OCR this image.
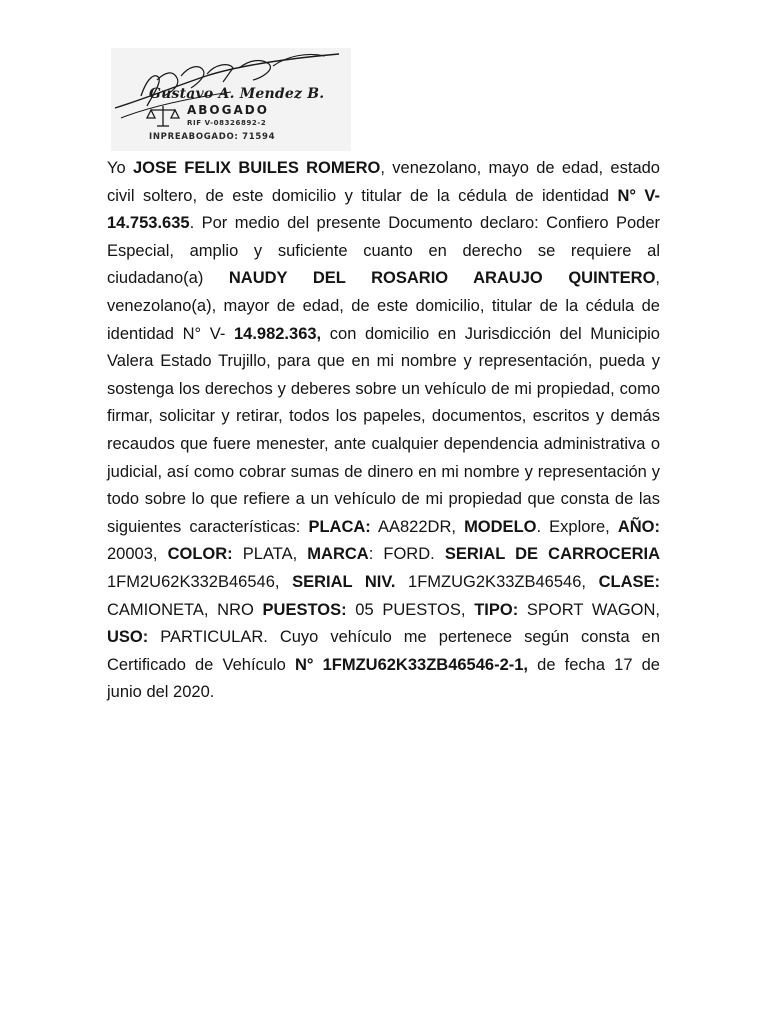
Gustavo A. Mendez B.
ABOGADO
RIF V-08326892-2
INPREABOGADO: 71594
Yo JOSE FELIX BUILES ROMERO, venezolano, mayo de edad, estado civil soltero, de este domicilio y titular de la cédula de identidad N° V- 14.753.635. Por medio del presente Documento declaro: Confiero Poder Especial, amplio y suficiente cuanto en derecho se requiere al ciudadano(a) NAUDY DEL ROSARIO ARAUJO QUINTERO, venezolano(a), mayor de edad, de este domicilio, titular de la cédula de identidad N° V- 14.982.363, con domicilio en Jurisdicción del Municipio Valera Estado Trujillo, para que en mi nombre y representación, pueda y sostenga los derechos y deberes sobre un vehículo de mi propiedad, como firmar, solicitar y retirar, todos los papeles, documentos, escritos y demás recaudos que fuere menester, ante cualquier dependencia administrativa o judicial, así como cobrar sumas de dinero en mi nombre y representación y todo sobre lo que refiere a un vehículo de mi propiedad que consta de las siguientes características: PLACA: AA822DR, MODELO. Explore, AÑO: 20003, COLOR: PLATA, MARCA: FORD. SERIAL DE CARROCERIA 1FM2U62K332B46546, SERIAL NIV. 1FMZUG2K33ZB46546, CLASE: CAMIONETA, NRO PUESTOS: 05 PUESTOS, TIPO: SPORT WAGON, USO: PARTICULAR. Cuyo vehículo me pertenece según consta en Certificado de Vehículo N° 1FMZU62K33ZB46546-2-1, de fecha 17 de junio del 2020.
